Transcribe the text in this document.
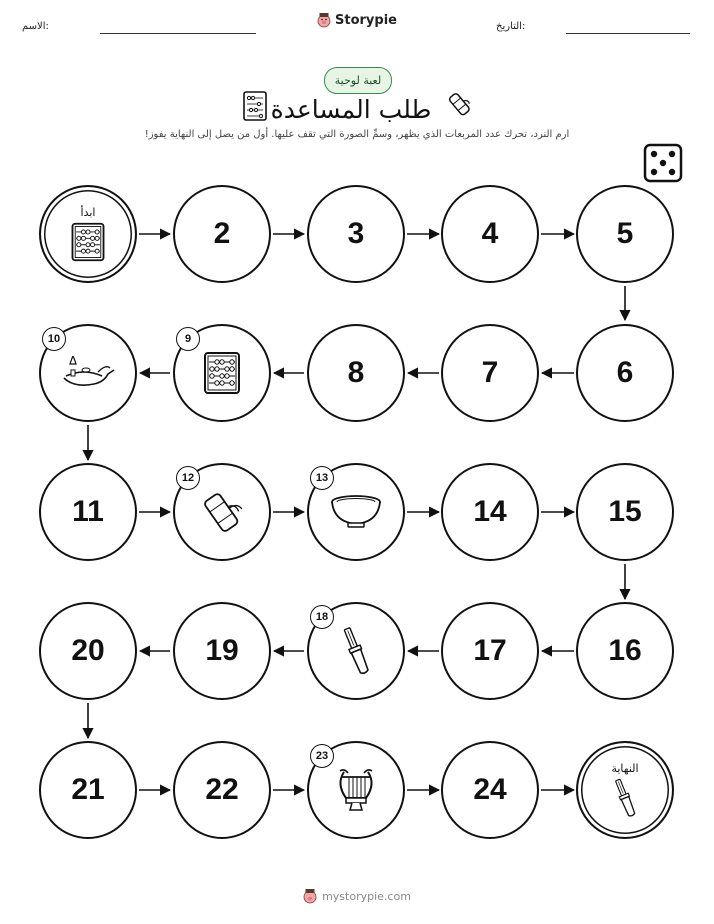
الاسم:	Storypie	التاريخ:
لعبة لوحية
طلب المساعدة
ارم النرد، تحرك عدد المربعات الذي يظهر، وسمِّ الصورة التي تقف عليها. أول من يصل إلى النهاية يفوز!
ابدأ
2	3	4	5
6
7
8
9
10
11
12	13
14	15
16
17
18
19
20
21	22
23
24
النهاية
mystorypie.com
